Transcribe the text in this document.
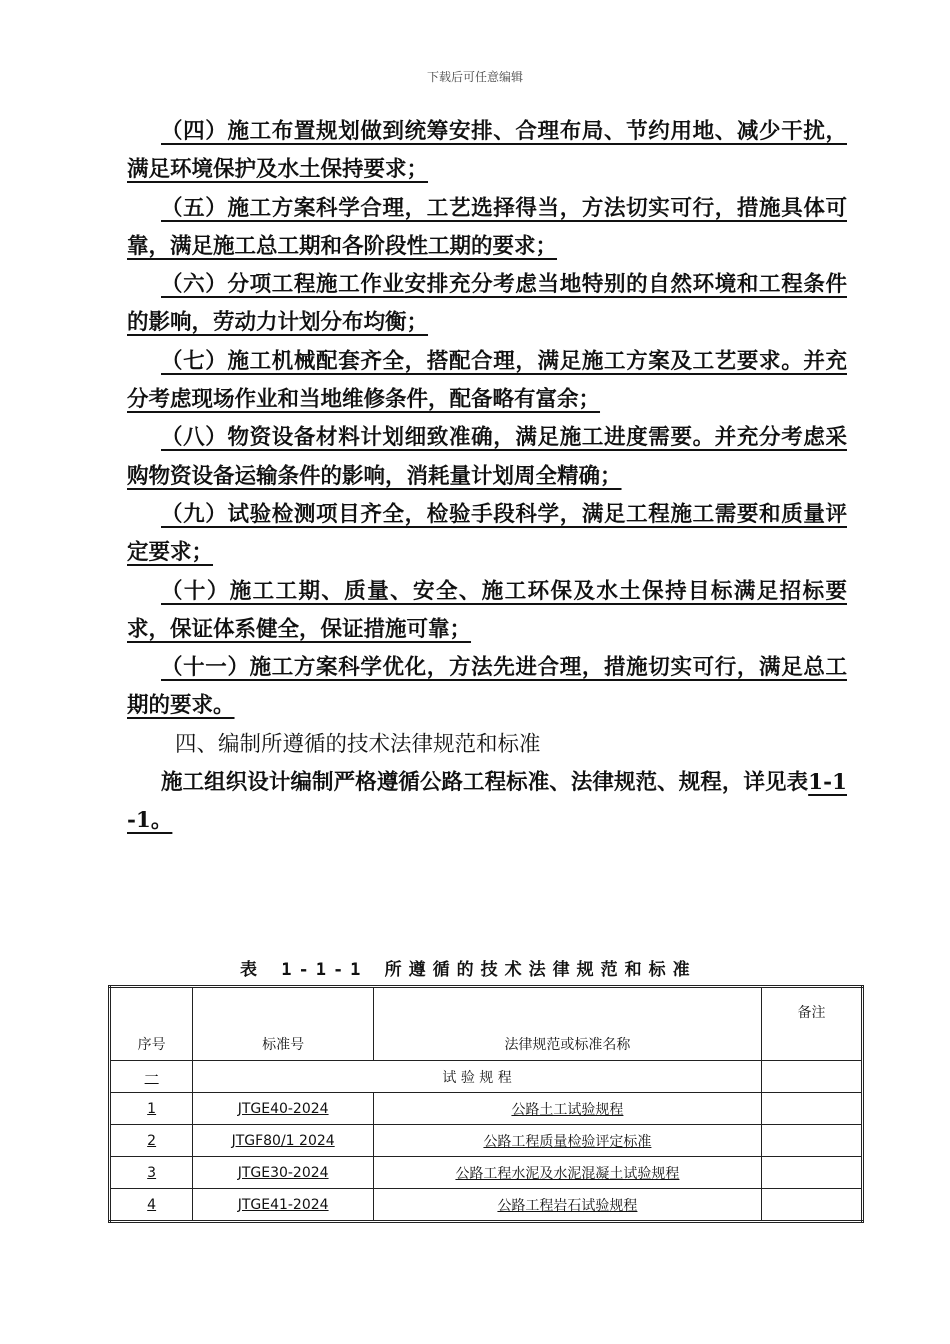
下载后可任意编辑

（四）施工布置规划做到统筹安排、合理布局、节约用地、减少干扰，满足环境保护及水土保持要求；

（五）施工方案科学合理，工艺选择得当，方法切实可行，措施具体可靠，满足施工总工期和各阶段性工期的要求；

（六）分项工程施工作业安排充分考虑当地特别的自然环境和工程条件的影响，劳动力计划分布均衡；

（七）施工机械配套齐全，搭配合理，满足施工方案及工艺要求。并充分考虑现场作业和当地维修条件，配备略有富余；

（八）物资设备材料计划细致准确，满足施工进度需要。并充分考虑采购物资设备运输条件的影响，消耗量计划周全精确；

（九）试验检测项目齐全，检验手段科学，满足工程施工需要和质量评定要求；

（十）施工工期、质量、安全、施工环保及水土保持目标满足招标要求，保证体系健全，保证措施可靠；

（十一）施工方案科学优化，方法先进合理，措施切实可行，满足总工期的要求。

四、编制所遵循的技术法律规范和标准

施工组织设计编制严格遵循公路工程标准、法律规范、规程，详见表1-1-1。

表 1-1-1 所遵循的技术法律规范和标准
序号	标准号	法律规范或标准名称	备注
一	试 验 规 程		
1	JTGE40-2024	公路土工试验规程	
2	JTGF80/1 2024	公路工程质量检验评定标准	
3	JTGE30-2024	公路工程水泥及水泥混凝土试验规程	
4	JTGE41-2024	公路工程岩石试验规程	
